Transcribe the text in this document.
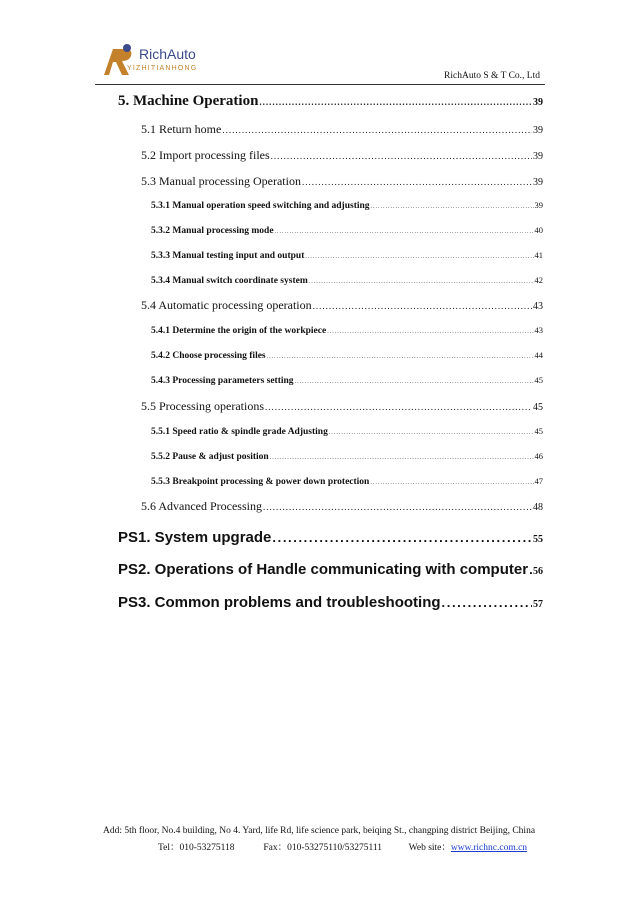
RichAuto
YIZHITIANHONG
RichAuto S & T Co., Ltd
5. Machine Operation .....	39
5.1 Return home .....	39
5.2 Import processing files .....	39
5.3 Manual processing Operation .....	39
5.3.1 Manual operation speed switching and adjusting .....	39
5.3.2 Manual processing mode .....	40
5.3.3 Manual testing input and output .....	41
5.3.4 Manual switch coordinate system .....	42
5.4 Automatic processing operation .....	43
5.4.1 Determine the origin of the workpiece .....	43
5.4.2 Choose processing files .....	44
5.4.3 Processing parameters setting .....	45
5.5 Processing operations .....	45
5.5.1 Speed ratio & spindle grade Adjusting .....	45
5.5.2 Pause & adjust position .....	46
5.5.3 Breakpoint processing & power down protection .....	47
5.6 Advanced Processing .....	48
PS1. System upgrade .....	55
PS2. Operations of Handle communicating with computer ..... 56
PS3. Common problems and troubleshooting .....	57
Add: 5th floor, No.4 building, No 4. Yard, life Rd, life science park, beiqing St., changping district Beijing, China
Tel：010-53275118	Fax：010-53275110/53275111	Web site：www.richnc.com.cn
